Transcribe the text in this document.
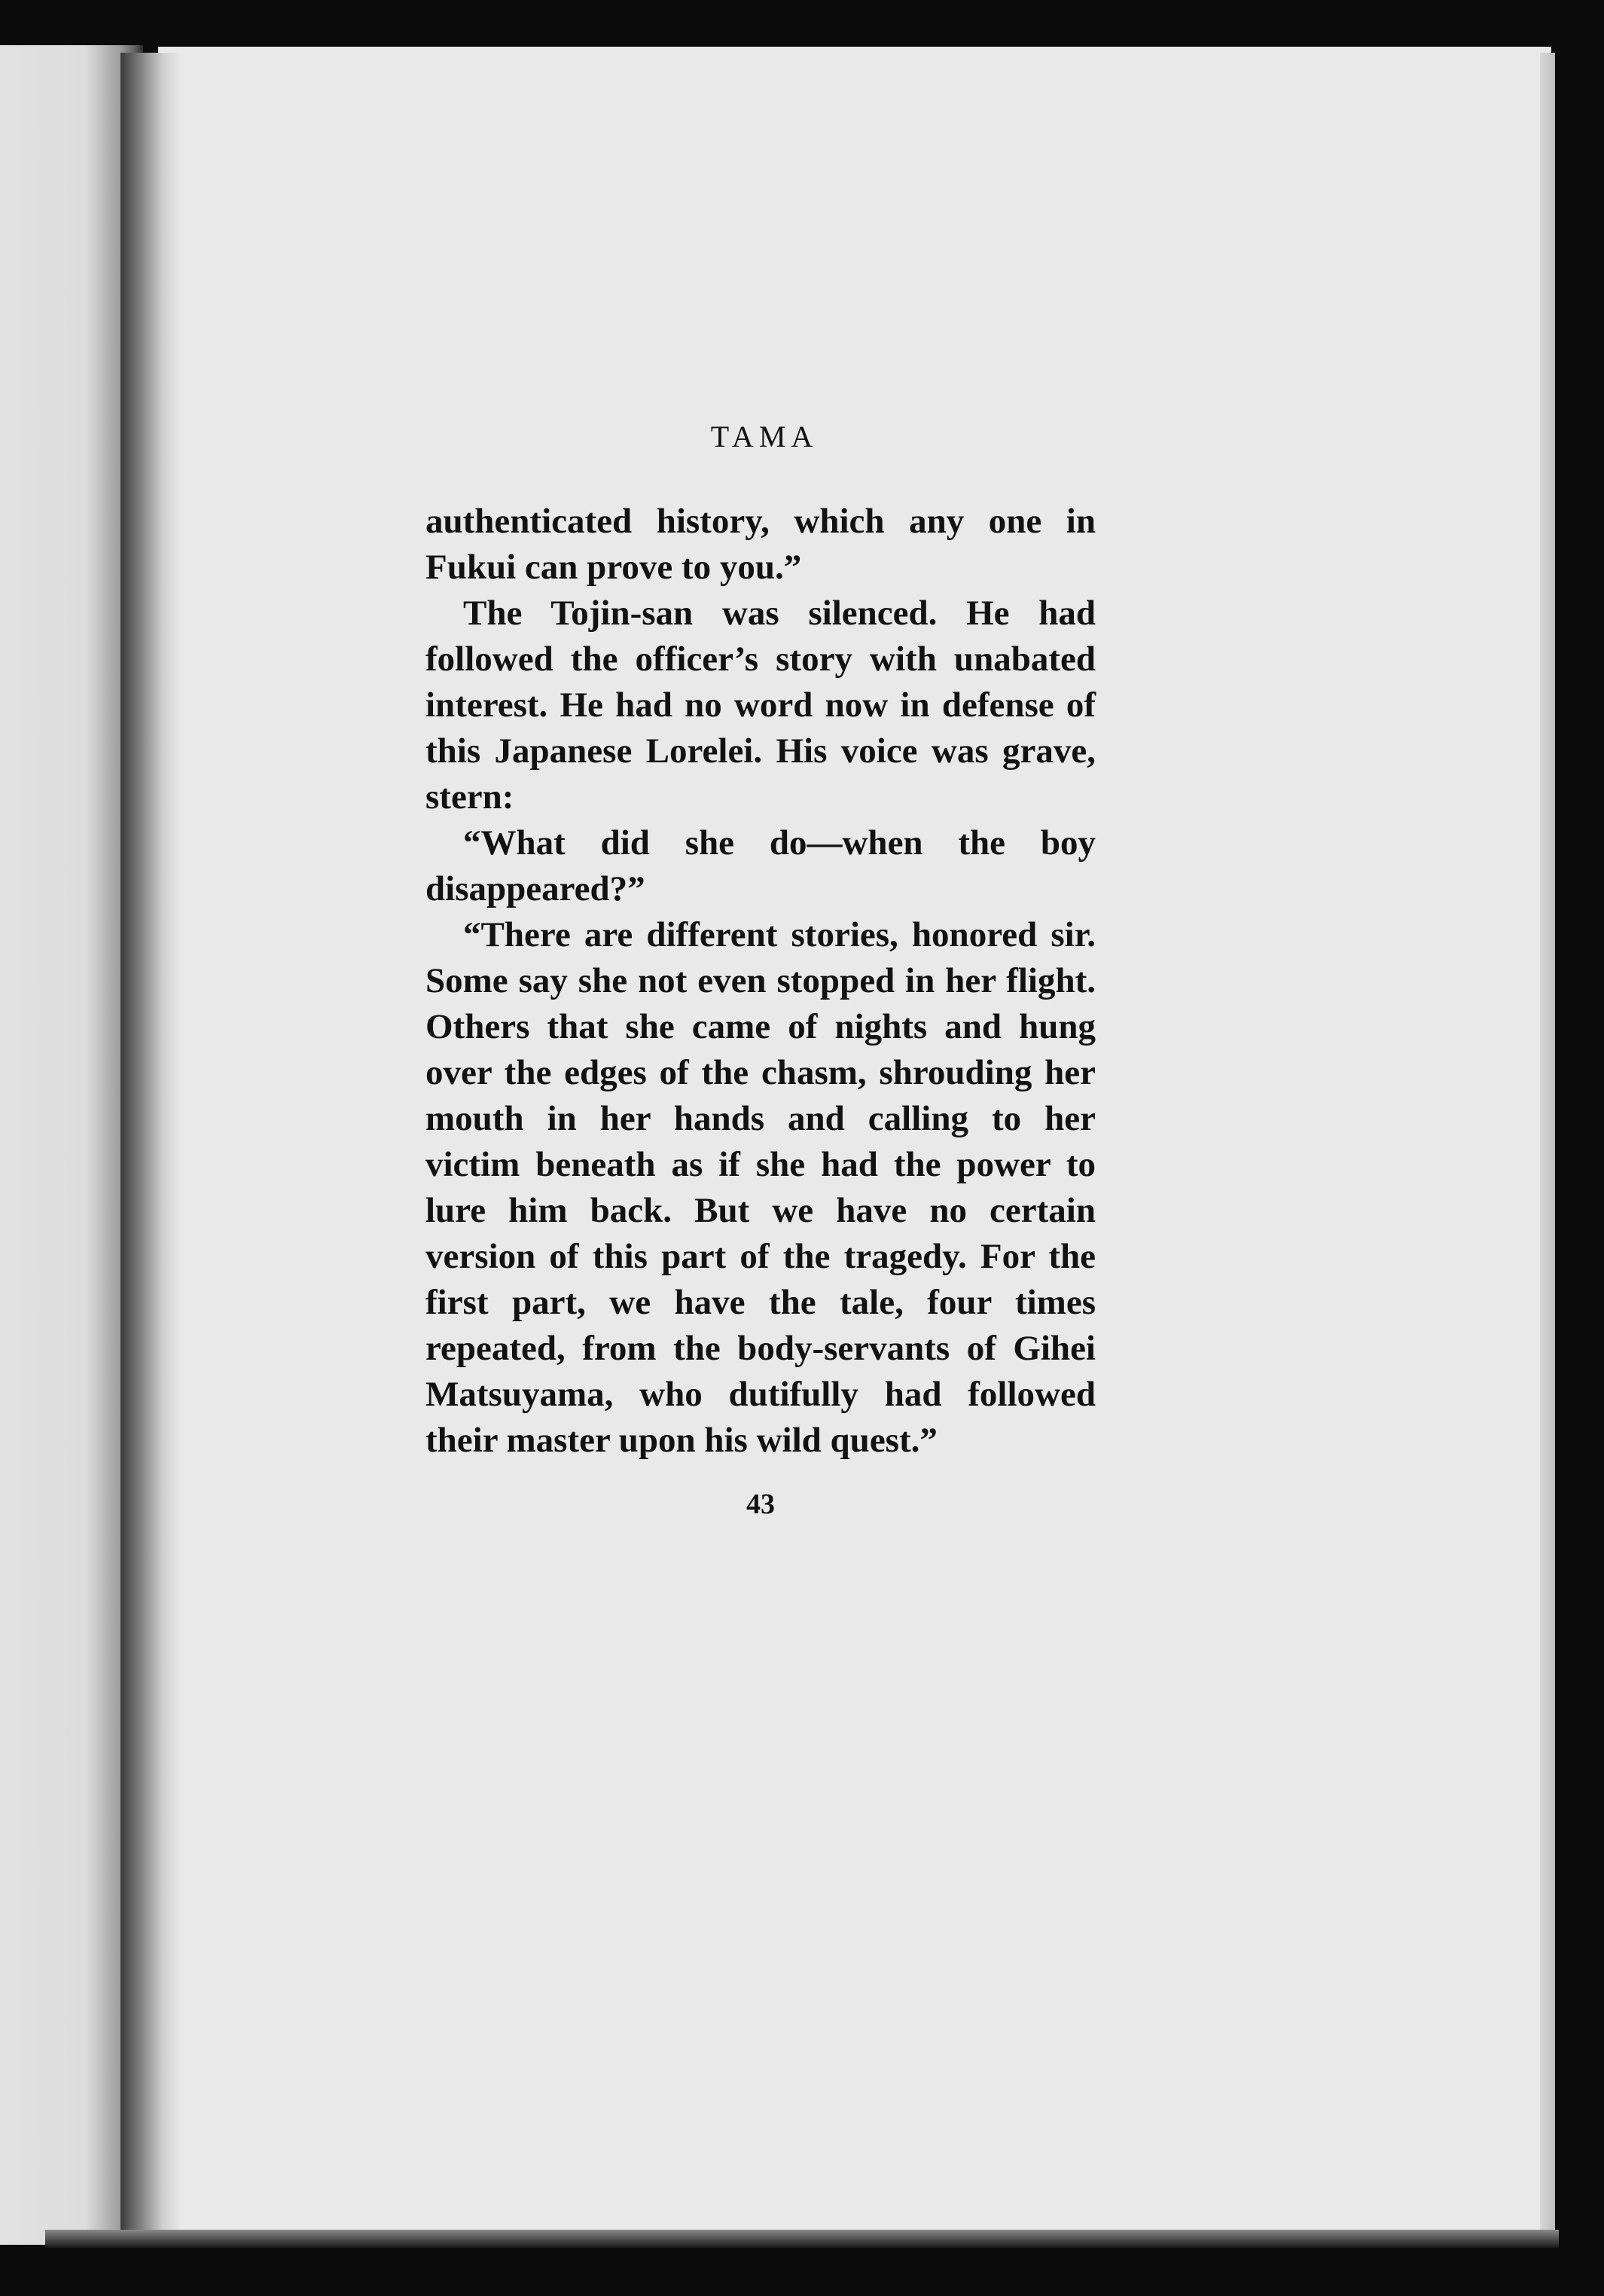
TAMA

authenticated history, which any one in Fukui can prove to you.”

The Tojin-san was silenced. He had followed the officer’s story with unabated interest. He had no word now in defense of this Japanese Lorelei. His voice was grave, stern:

“What did she do—when the boy disappeared?”

“There are different stories, honored sir. Some say she not even stopped in her flight. Others that she came of nights and hung over the edges of the chasm, shrouding her mouth in her hands and calling to her victim beneath as if she had the power to lure him back. But we have no certain version of this part of the tragedy. For the first part, we have the tale, four times repeated, from the body-servants of Gihei Matsuyama, who dutifully had followed their master upon his wild quest.”

43
